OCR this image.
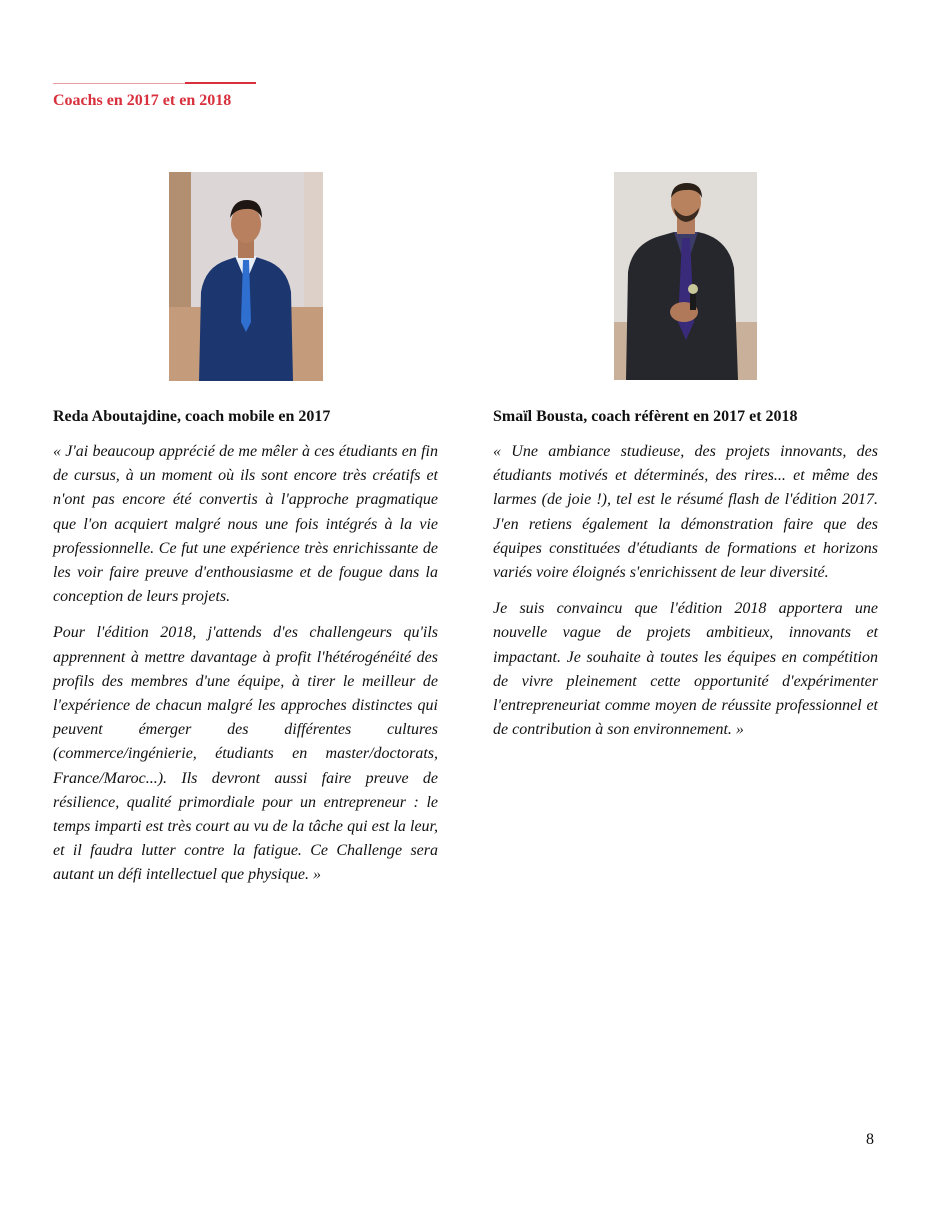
Coachs en 2017 et en 2018

Reda Aboutajdine, coach mobile en 2017

« J'ai beaucoup apprécié de me mêler à ces étudiants en fin de cursus, à un moment où ils sont encore très créatifs et n'ont pas encore été convertis à l'approche pragmatique que l'on acquiert malgré nous une fois intégrés à la vie professionnelle. Ce fut une expérience très enrichissante de les voir faire preuve d'enthousiasme et de fougue dans la conception de leurs projets.

Pour l'édition 2018, j'attends d'es challengeurs qu'ils apprennent à mettre davantage à profit l'hétérogénéité des profils des membres d'une équipe, à tirer le meilleur de l'expérience de chacun malgré les approches distinctes qui peuvent émerger des différentes cultures (commerce/ingénierie, étudiants en master/doctorats, France/Maroc...). Ils devront aussi faire preuve de résilience, qualité primordiale pour un entrepreneur : le temps imparti est très court au vu de la tâche qui est la leur, et il faudra lutter contre la fatigue. Ce Challenge sera autant un défi intellectuel que physique. »

Smaïl Bousta, coach réfèrent en 2017 et 2018

« Une ambiance studieuse, des projets innovants, des étudiants motivés et déterminés, des rires... et même des larmes (de joie !), tel est le résumé flash de l'édition 2017. J'en retiens également la démonstration faire que des équipes constituées d'étudiants de formations et horizons variés voire éloignés s'enrichissent de leur diversité.

Je suis convaincu que l'édition 2018 apportera une nouvelle vague de projets ambitieux, innovants et impactant. Je souhaite à toutes les équipes en compétition de vivre pleinement cette opportunité d'expérimenter l'entrepreneuriat comme moyen de réussite professionnel et de contribution à son environnement. »

8
